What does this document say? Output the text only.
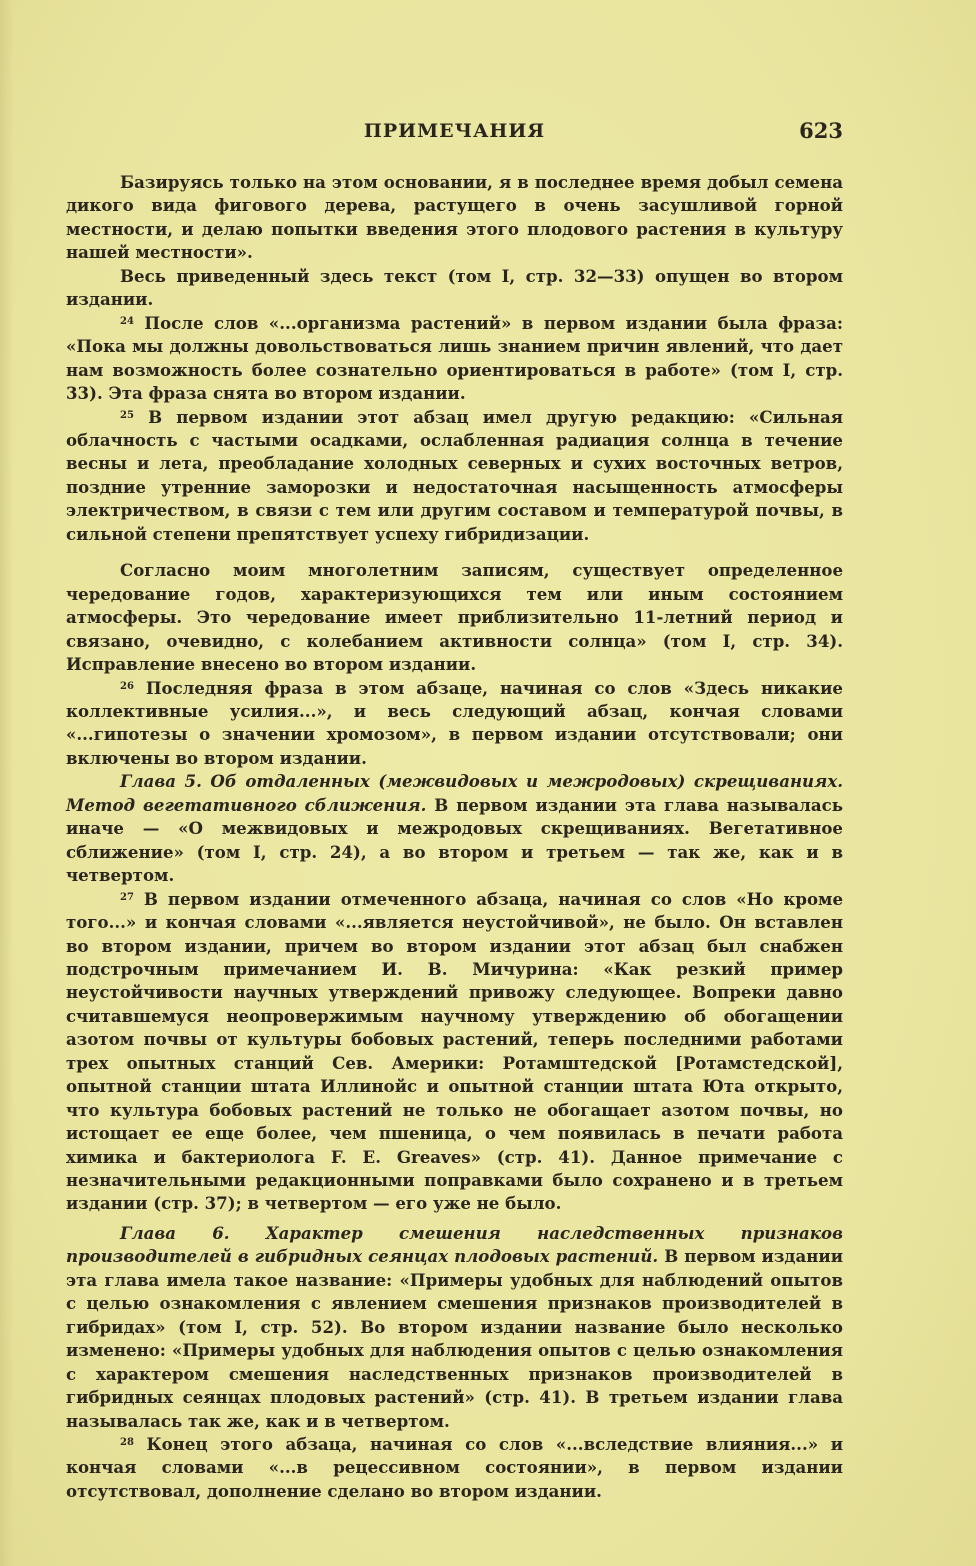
ПРИМЕЧАНИЯ	623

Базируясь только на этом основании, я в последнее время добыл семена дикого вида фигового дерева, растущего в очень засушливой горной местности, и делаю попытки введения этого плодового растения в культуру нашей местности».

Весь приведенный здесь текст (том I, стр. 32—33) опущен во втором издании.

$^{24}$ После слов «...организма растений» в первом издании была фраза: «Пока мы должны довольствоваться лишь знанием причин явлений, что дает нам возможность более сознательно ориентироваться в работе» (том I, стр. 33). Эта фраза снята во втором издании.

$^{25}$ В первом издании этот абзац имел другую редакцию: «Сильная облачность с частыми осадками, ослабленная радиация солнца в течение весны и лета, преобладание холодных северных и сухих восточных ветров, поздние утренние заморозки и недостаточная насыщенность атмосферы электричеством, в связи с тем или другим составом и температурой почвы, в сильной степени препятствует успеху гибридизации.

Согласно моим многолетним записям, существует определенное чередование годов, характеризующихся тем или иным состоянием атмосферы. Это чередование имеет приблизительно 11-летний период и связано, очевидно, с колебанием активности солнца» (том I, стр. 34). Исправление внесено во втором издании.

$^{26}$ Последняя фраза в этом абзаце, начиная со слов «Здесь никакие коллективные усилия...», и весь следующий абзац, кончая словами «...гипотезы о значении хромозом», в первом издании отсутствовали; они включены во втором издании.

Глава 5. Об отдаленных (межвидовых и межродовых) скрещиваниях. Метод вегетативного сближения. В первом издании эта глава называлась иначе — «О межвидовых и межродовых скрещиваниях. Вегетативное сближение» (том I, стр. 24), а во втором и третьем — так же, как и в четвертом.

$^{27}$ В первом издании отмеченного абзаца, начиная со слов «Но кроме того...» и кончая словами «...является неустойчивой», не было. Он вставлен во втором издании, причем во втором издании этот абзац был снабжен подстрочным примечанием И. В. Мичурина: «Как резкий пример неустойчивости научных утверждений привожу следующее. Вопреки давно считавшемуся неопровержимым научному утверждению об обогащении азотом почвы от культуры бобовых растений, теперь последними работами трех опытных станций Сев. Америки: Ротамштедской [Ротамстедской], опытной станции штата Иллинойс и опытной станции штата Юта открыто, что культура бобовых растений не только не обогащает азотом почвы, но истощает ее еще более, чем пшеница, о чем появилась в печати работа химика и бактериолога F. E. Greaves» (стр. 41). Данное примечание с незначительными редакционными поправками было сохранено и в третьем издании (стр. 37); в четвертом — его уже не было.

Глава 6. Характер смешения наследственных признаков производителей в гибридных сеянцах плодовых растений. В первом издании эта глава имела такое название: «Примеры удобных для наблюдений опытов с целью ознакомления с явлением смешения признаков производителей в гибридах» (том I, стр. 52). Во втором издании название было несколько изменено: «Примеры удобных для наблюдения опытов с целью ознакомления с характером смешения наследственных признаков производителей в гибридных сеянцах плодовых растений» (стр. 41). В третьем издании глава называлась так же, как и в четвертом.

$^{28}$ Конец этого абзаца, начиная со слов «...вследствие влияния...» и кончая словами «...в рецессивном состоянии», в первом издании отсутствовал, дополнение сделано во втором издании.
